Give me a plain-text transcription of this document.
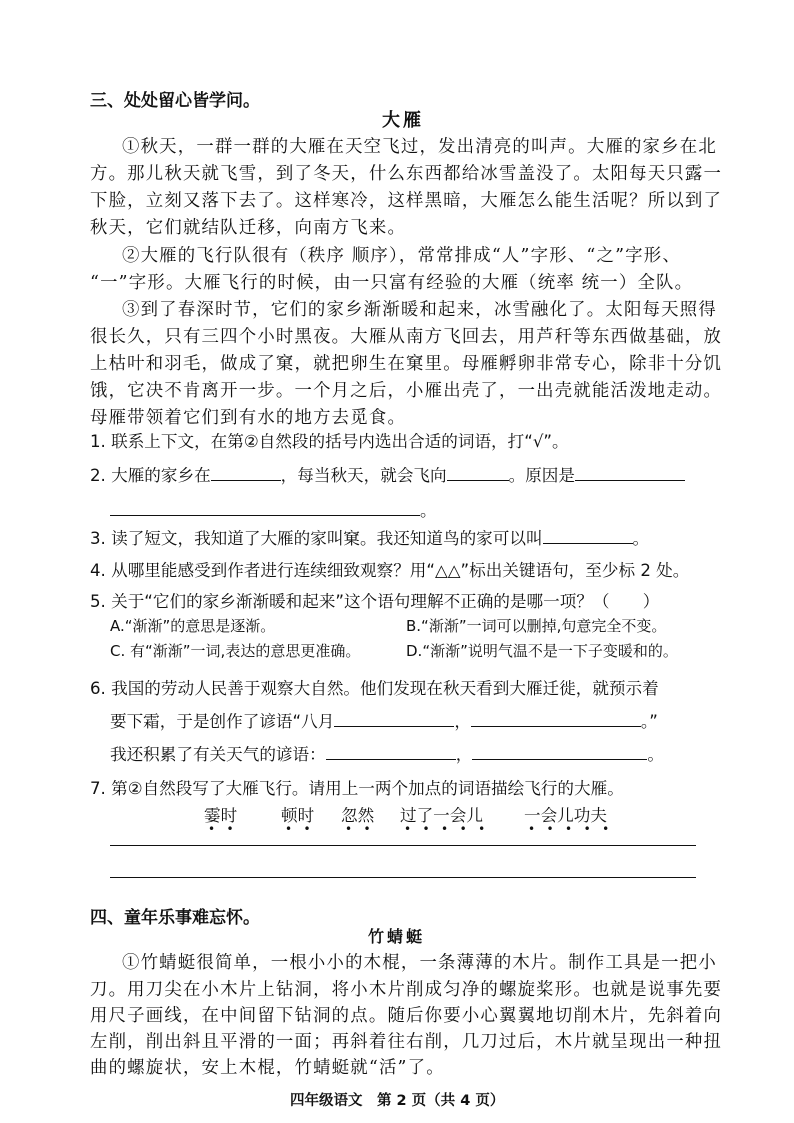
三、处处留心皆学问。
大雁
①秋天，一群一群的大雁在天空飞过，发出清亮的叫声。大雁的家乡在北
方。那儿秋天就飞雪，到了冬天，什么东西都给冰雪盖没了。太阳每天只露一
下脸，立刻又落下去了。这样寒冷，这样黑暗，大雁怎么能生活呢？所以到了
秋天，它们就结队迁移，向南方飞来。
②大雁的飞行队很有（秩序 顺序），常常排成“人”字形、“之”字形、
“一”字形。大雁飞行的时候，由一只富有经验的大雁（统率 统一）全队。
③到了春深时节，它们的家乡渐渐暖和起来，冰雪融化了。太阳每天照得
很长久，只有三四个小时黑夜。大雁从南方飞回去，用芦秆等东西做基础，放
上枯叶和羽毛，做成了窠，就把卵生在窠里。母雁孵卵非常专心，除非十分饥
饿，它决不肯离开一步。一个月之后，小雁出壳了，一出壳就能活泼地走动。
母雁带领着它们到有水的地方去觅食。
1. 联系上下文，在第②自然段的括号内选出合适的词语，打“√”。
2. 大雁的家乡在	，每当秋天，就会飞向	。原因是
。
3. 读了短文，我知道了大雁的家叫窠。我还知道鸟的家可以叫	。
4. 从哪里能感受到作者进行连续细致观察？用“△△”标出关键语句，至少标 2 处。
5. 关于“它们的家乡渐渐暖和起来”这个语句理解不正确的是哪一项？（　　）
A.“渐渐”的意思是逐渐。	B.“渐渐”一词可以删掉,句意完全不变。
C. 有“渐渐”一词,表达的意思更准确。	D.“渐渐”说明气温不是一下子变暖和的。
6. 我国的劳动人民善于观察大自然。他们发现在秋天看到大雁迁徙，就预示着
要下霜，于是创作了谚语“八月	，	。”
我还积累了有关天气的谚语：	，	。
7. 第②自然段写了大雁飞行。请用上一两个加点的词语描绘飞行的大雁。
霎时	顿时 忽然 过了一会儿 一会儿功夫
•   •	•   •	•   •	•   •   •   •   •	•   •   •   •   •
四、童年乐事难忘怀。
竹蜻蜓
①竹蜻蜓很简单，一根小小的木棍，一条薄薄的木片。制作工具是一把小
刀。用刀尖在小木片上钻洞，将小木片削成匀净的螺旋桨形。也就是说事先要
用尺子画线，在中间留下钻洞的点。随后你要小心翼翼地切削木片，先斜着向
左削，削出斜且平滑的一面；再斜着往右削，几刀过后，木片就呈现出一种扭
曲的螺旋状，安上木棍，竹蜻蜓就“活”了。
四年级语文　第 2 页（共 4 页）
